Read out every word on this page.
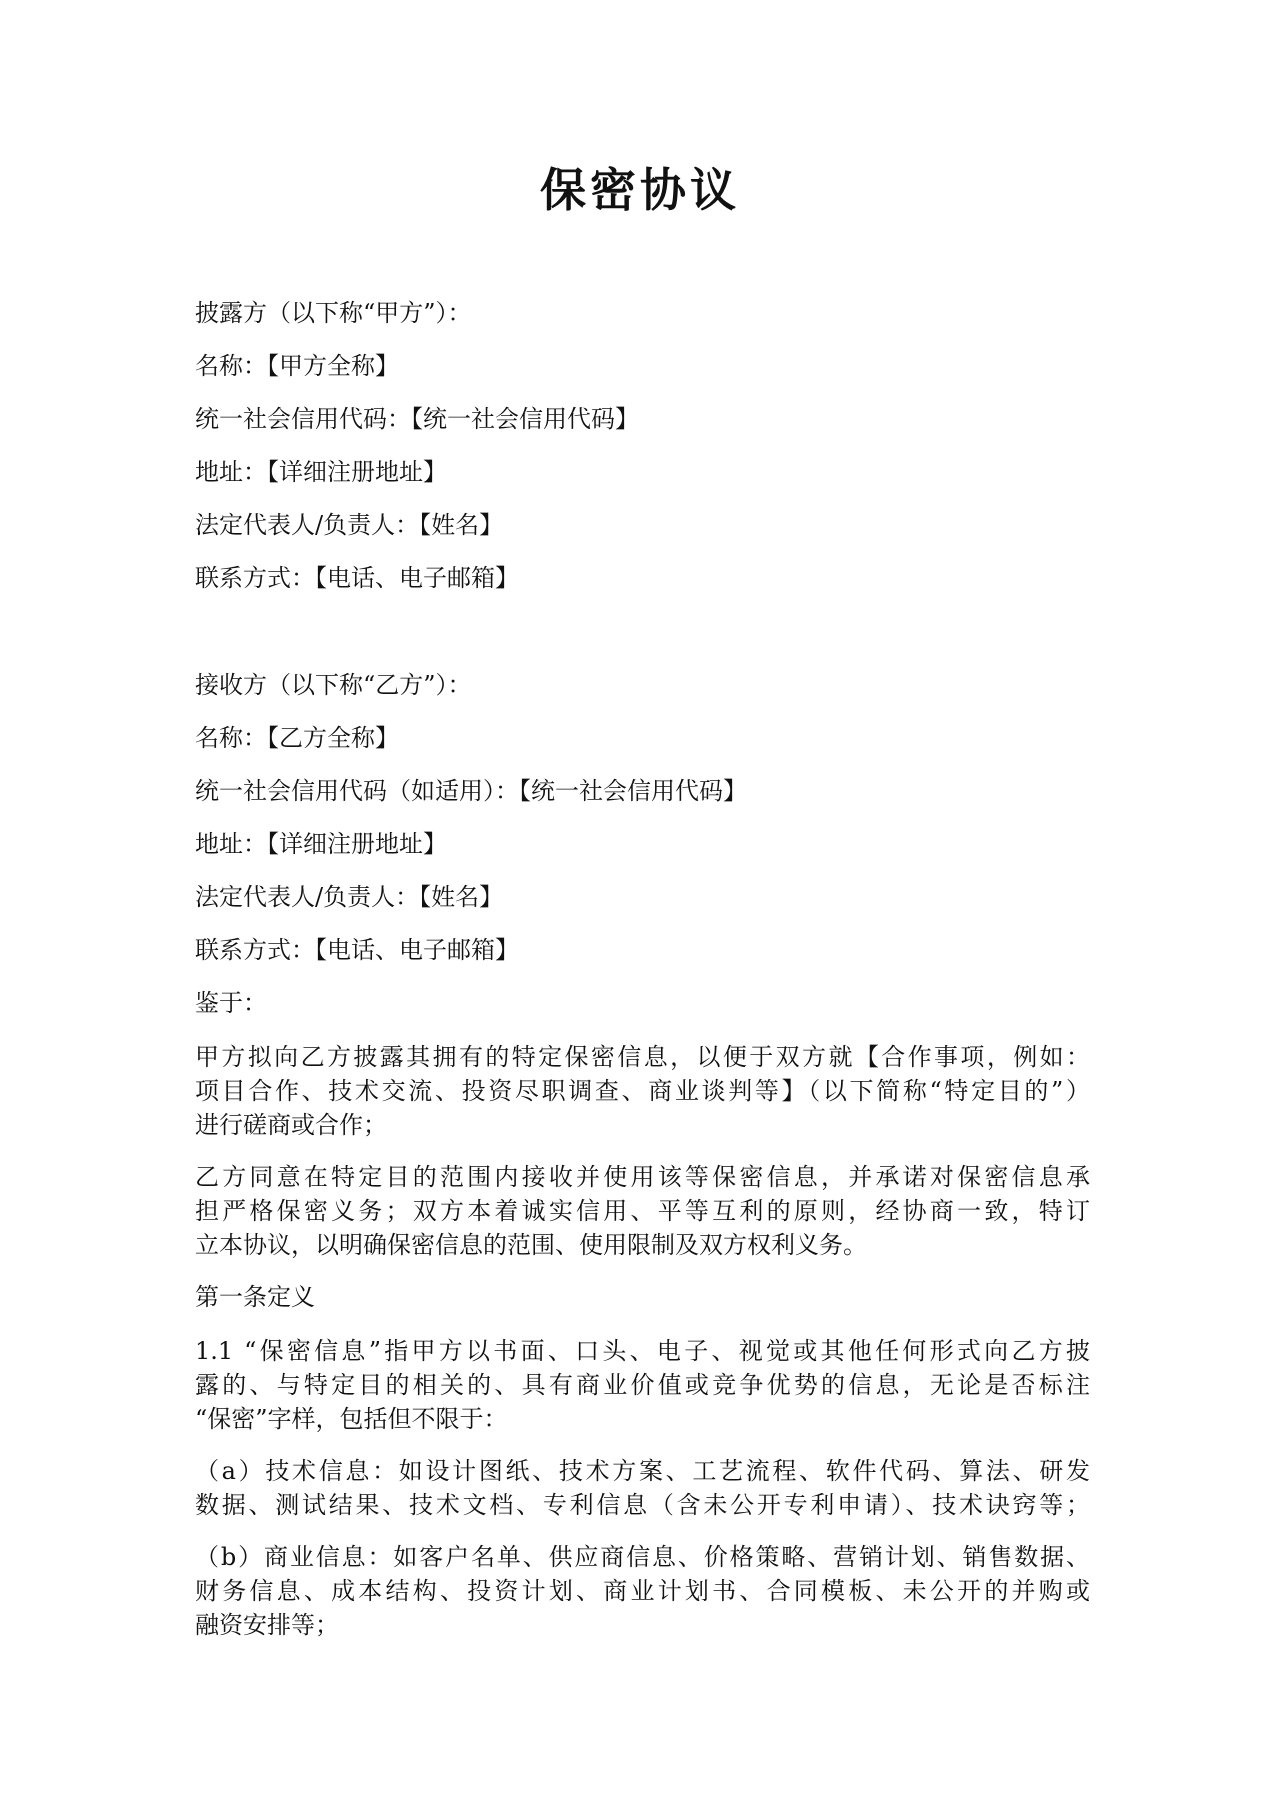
保密协议

披露方（以下称“甲方”）：

名称：【甲方全称】

统一社会信用代码：【统一社会信用代码】

地址：【详细注册地址】

法定代表人/负责人：【姓名】

联系方式：【电话、电子邮箱】

接收方（以下称“乙方”）：

名称：【乙方全称】

统一社会信用代码（如适用）：【统一社会信用代码】

地址：【详细注册地址】

法定代表人/负责人：【姓名】

联系方式：【电话、电子邮箱】

鉴于：

甲方拟向乙方披露其拥有的特定保密信息，以便于双方就【合作事项，例如：
项目合作、技术交流、投资尽职调查、商业谈判等】（以下简称“特定目的”）
进行磋商或合作；

乙方同意在特定目的范围内接收并使用该等保密信息，并承诺对保密信息承
担严格保密义务；双方本着诚实信用、平等互利的原则，经协商一致，特订
立本协议，以明确保密信息的范围、使用限制及双方权利义务。

第一条定义

1.1 “保密信息”指甲方以书面、口头、电子、视觉或其他任何形式向乙方披
露的、与特定目的相关的、具有商业价值或竞争优势的信息，无论是否标注
“保密”字样，包括但不限于：

（a）技术信息：如设计图纸、技术方案、工艺流程、软件代码、算法、研发
数据、测试结果、技术文档、专利信息（含未公开专利申请）、技术诀窍等；

（b）商业信息：如客户名单、供应商信息、价格策略、营销计划、销售数据、
财务信息、成本结构、投资计划、商业计划书、合同模板、未公开的并购或
融资安排等；
